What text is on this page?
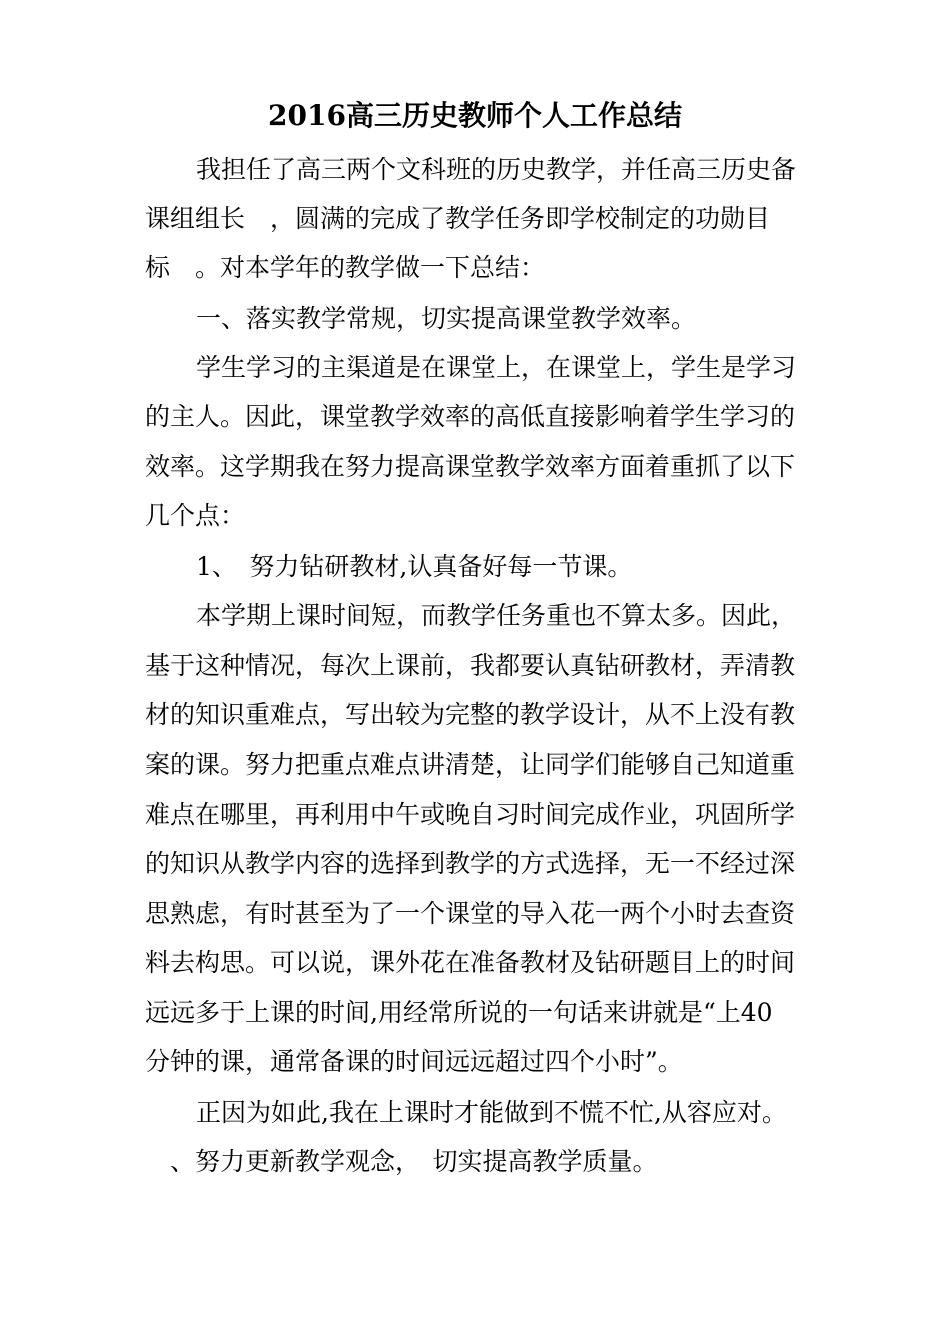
2016高三历史教师个人工作总结
我担任了高三两个文科班的历史教学，并任高三历史备
课组组长　，圆满的完成了教学任务即学校制定的功勋目
标　。对本学年的教学做一下总结：
一、落实教学常规，切实提高课堂教学效率。
学生学习的主渠道是在课堂上，在课堂上，学生是学习
的主人。因此，课堂教学效率的高低直接影响着学生学习的
效率。这学期我在努力提高课堂教学效率方面着重抓了以下
几个点：
1、　努力钻研教材,认真备好每一节课。
本学期上课时间短，而教学任务重也不算太多。因此，
基于这种情况，每次上课前，我都要认真钻研教材，弄清教
材的知识重难点，写出较为完整的教学设计，从不上没有教
案的课。努力把重点难点讲清楚，让同学们能够自己知道重
难点在哪里，再利用中午或晚自习时间完成作业，巩固所学
的知识从教学内容的选择到教学的方式选择，无一不经过深
思熟虑，有时甚至为了一个课堂的导入花一两个小时去查资
料去构思。可以说，课外花在准备教材及钻研题目上的时间
远远多于上课的时间,用经常所说的一句话来讲就是“上40
分钟的课，通常备课的时间远远超过四个小时”。
正因为如此,我在上课时才能做到不慌不忙,从容应对。
、努力更新教学观念，　切实提高教学质量。
